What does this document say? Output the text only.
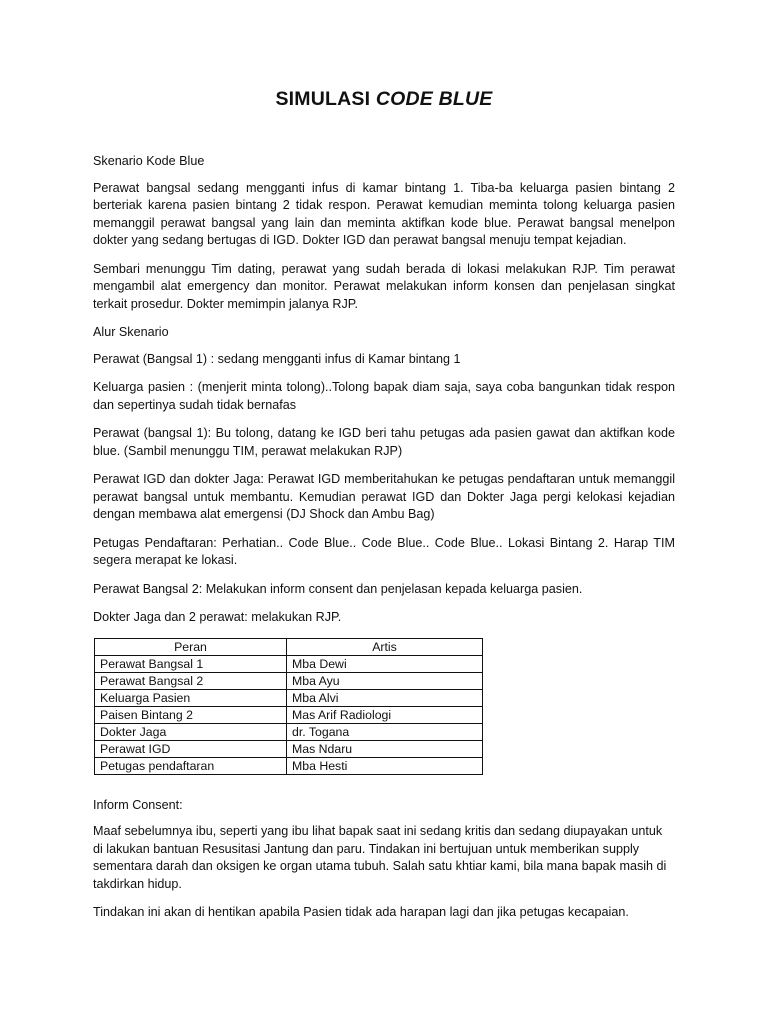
SIMULASI CODE BLUE

Skenario Kode Blue

Perawat bangsal sedang mengganti infus di kamar bintang 1. Tiba-ba keluarga pasien bintang 2 berteriak karena pasien bintang 2 tidak respon. Perawat kemudian meminta tolong keluarga pasien memanggil perawat bangsal yang lain dan meminta aktifkan kode blue. Perawat bangsal menelpon dokter yang sedang bertugas di IGD. Dokter IGD dan perawat bangsal menuju tempat kejadian.

Sembari menunggu Tim dating, perawat yang sudah berada di lokasi melakukan RJP. Tim perawat mengambil alat emergency dan monitor. Perawat melakukan inform konsen dan penjelasan singkat terkait prosedur. Dokter memimpin jalanya RJP.

Alur Skenario

Perawat (Bangsal 1) : sedang mengganti infus di Kamar bintang 1

Keluarga pasien : (menjerit minta tolong)..Tolong bapak diam saja, saya coba bangunkan tidak respon dan sepertinya sudah tidak bernafas

Perawat (bangsal 1): Bu tolong, datang ke IGD beri tahu petugas ada pasien gawat dan aktifkan kode blue. (Sambil menunggu TIM, perawat melakukan RJP)

Perawat IGD dan dokter Jaga: Perawat IGD memberitahukan ke petugas pendaftaran untuk memanggil perawat bangsal untuk membantu. Kemudian perawat IGD dan Dokter Jaga pergi kelokasi kejadian dengan membawa alat emergensi (DJ Shock dan Ambu Bag)

Petugas Pendaftaran: Perhatian.. Code Blue.. Code Blue.. Code Blue.. Lokasi Bintang 2. Harap TIM segera merapat ke lokasi.

Perawat Bangsal 2: Melakukan inform consent dan penjelasan kepada keluarga pasien.

Dokter Jaga dan 2 perawat: melakukan RJP.

Peran	Artis
Perawat Bangsal 1	Mba Dewi
Perawat Bangsal 2	Mba Ayu
Keluarga Pasien	Mba Alvi
Paisen Bintang 2	Mas Arif Radiologi
Dokter Jaga	dr. Togana
Perawat IGD	Mas Ndaru
Petugas pendaftaran	Mba Hesti

Inform Consent:

Maaf sebelumnya ibu, seperti yang ibu lihat bapak saat ini sedang kritis dan sedang diupayakan untuk di lakukan bantuan Resusitasi Jantung dan paru. Tindakan ini bertujuan untuk memberikan supply sementara darah dan oksigen ke organ utama tubuh. Salah satu khtiar kami, bila mana bapak masih di takdirkan hidup.

Tindakan ini akan di hentikan apabila Pasien tidak ada harapan lagi dan jika petugas kecapaian.
